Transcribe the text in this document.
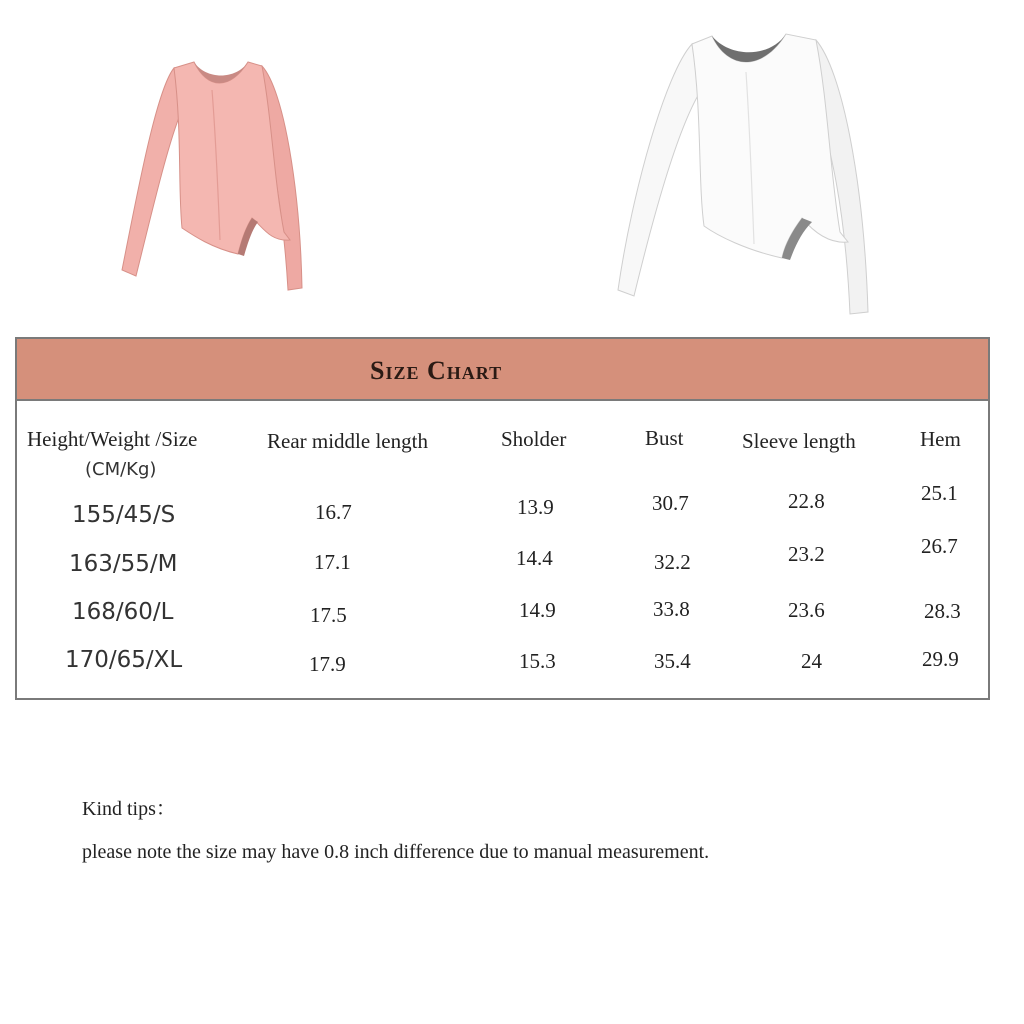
Size Chart
Height/Weight /Size
(CM/Kg)
Rear middle length	Sholder	Bust	Sleeve length	Hem
155/45/S	16.7	13.9	30.7	22.8	25.1
163/55/M	17.1	14.4	32.2	23.2	26.7
168/60/L	17.5	14.9	33.8	23.6	28.3
170/65/XL	17.9	15.3	35.4	24	29.9
Kind tips：
please note the size may have 0.8 inch difference due to manual measurement.
